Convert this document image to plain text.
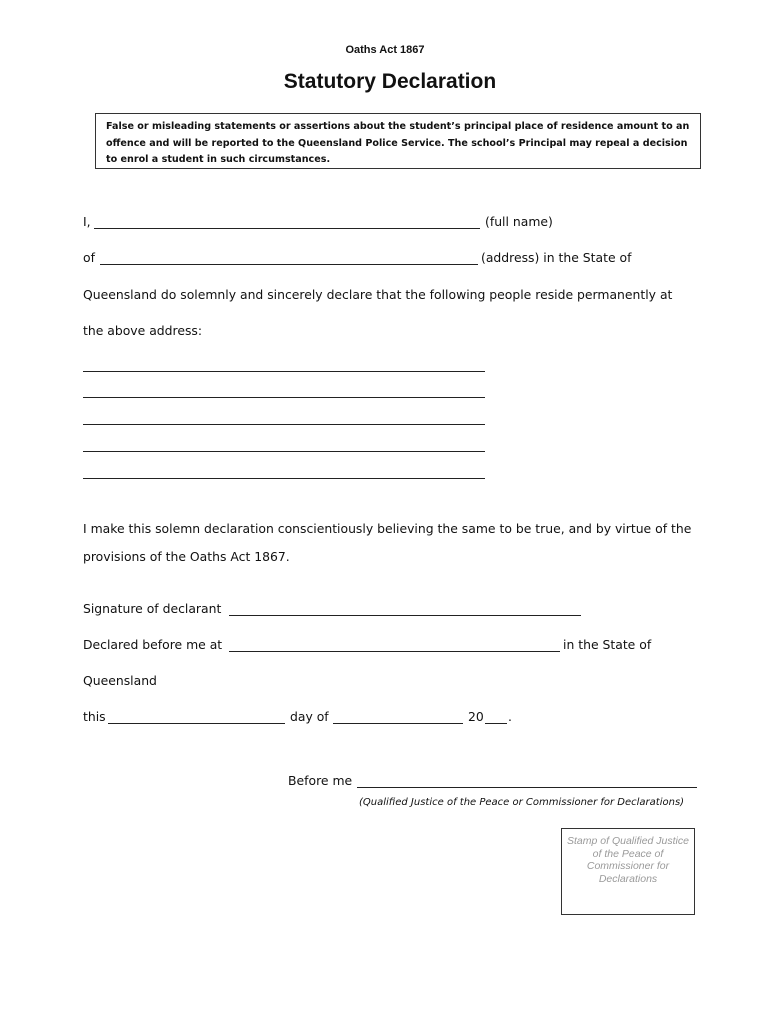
Oaths Act 1867
Statutory Declaration
False or misleading statements or assertions about the student’s principal place of residence amount to an offence and will be reported to the Queensland Police Service. The school’s Principal may repeal a decision to enrol a student in such circumstances.
I,	(full name)
of	(address) in the State of
Queensland do solemnly and sincerely declare that the following people reside permanently at
the above address:
I make this solemn declaration conscientiously believing the same to be true, and by virtue of the
provisions of the Oaths Act 1867.
Signature of declarant
Declared before me at	in the State of
Queensland
this	day of	20 .
Before me
(Qualified Justice of the Peace or Commissioner for Declarations)
Stamp of Qualified Justice of the Peace of Commissioner for Declarations
